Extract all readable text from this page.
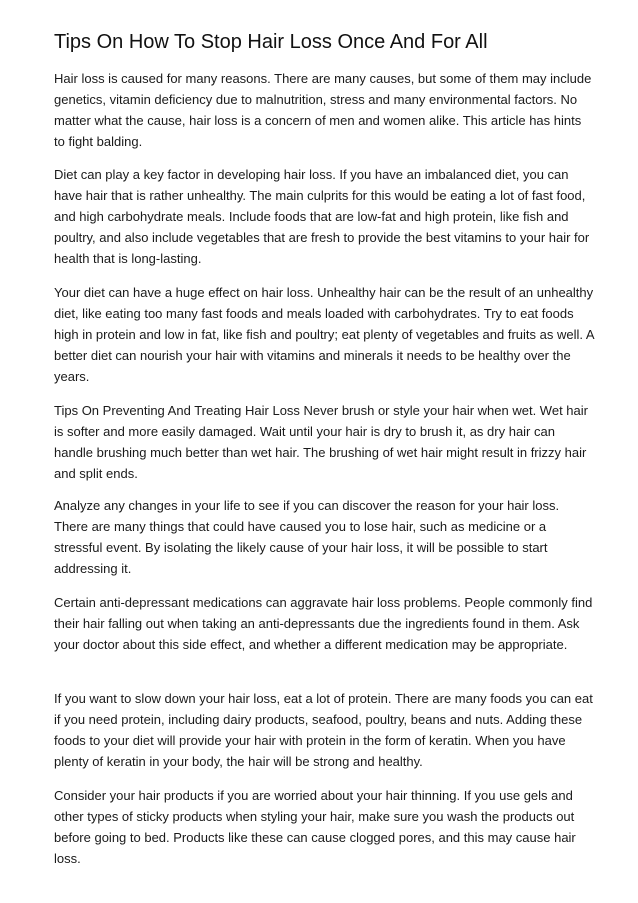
Tips On How To Stop Hair Loss Once And For All

Hair loss is caused for many reasons. There are many causes, but some of them may include genetics, vitamin deficiency due to malnutrition, stress and many environmental factors. No matter what the cause, hair loss is a concern of men and women alike. This article has hints to fight balding.

Diet can play a key factor in developing hair loss. If you have an imbalanced diet, you can have hair that is rather unhealthy. The main culprits for this would be eating a lot of fast food, and high carbohydrate meals. Include foods that are low-fat and high protein, like fish and poultry, and also include vegetables that are fresh to provide the best vitamins to your hair for health that is long-lasting.

Your diet can have a huge effect on hair loss. Unhealthy hair can be the result of an unhealthy diet, like eating too many fast foods and meals loaded with carbohydrates. Try to eat foods high in protein and low in fat, like fish and poultry; eat plenty of vegetables and fruits as well. A better diet can nourish your hair with vitamins and minerals it needs to be healthy over the years.

Tips On Preventing And Treating Hair Loss Never brush or style your hair when wet. Wet hair is softer and more easily damaged. Wait until your hair is dry to brush it, as dry hair can handle brushing much better than wet hair. The brushing of wet hair might result in frizzy hair and split ends.

Analyze any changes in your life to see if you can discover the reason for your hair loss. There are many things that could have caused you to lose hair, such as medicine or a stressful event. By isolating the likely cause of your hair loss, it will be possible to start addressing it.

Certain anti-depressant medications can aggravate hair loss problems. People commonly find their hair falling out when taking an anti-depressants due the ingredients found in them. Ask your doctor about this side effect, and whether a different medication may be appropriate.

If you want to slow down your hair loss, eat a lot of protein. There are many foods you can eat if you need protein, including dairy products, seafood, poultry, beans and nuts. Adding these foods to your diet will provide your hair with protein in the form of keratin. When you have plenty of keratin in your body, the hair will be strong and healthy.

Consider your hair products if you are worried about your hair thinning. If you use gels and other types of sticky products when styling your hair, make sure you wash the products out before going to bed. Products like these can cause clogged pores, and this may cause hair loss.
